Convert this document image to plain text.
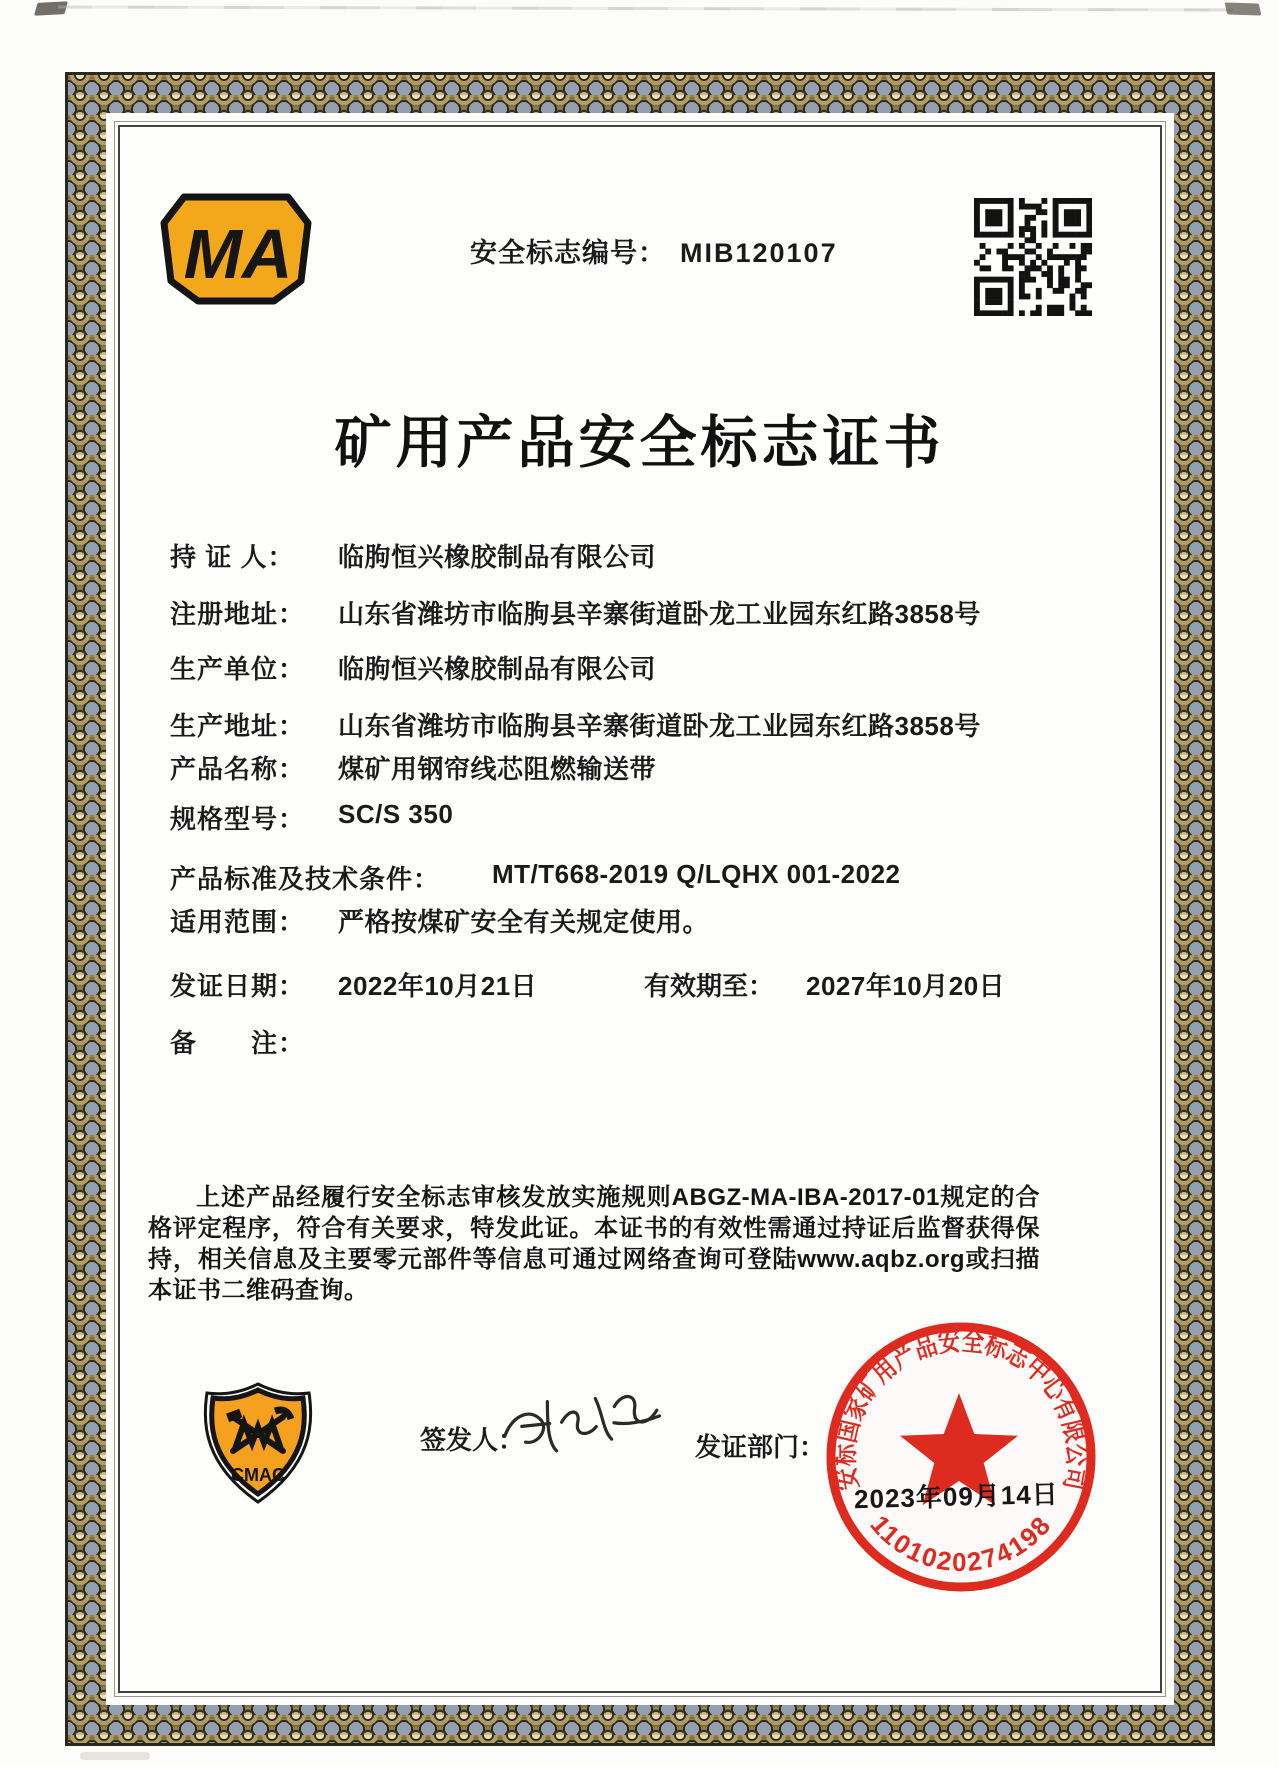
MA	安全标志编号： MIB120107
矿用产品安全标志证书
持 证 人： 临朐恒兴橡胶制品有限公司
注册地址： 山东省潍坊市临朐县辛寨街道卧龙工业园东红路3858号
生产单位： 临朐恒兴橡胶制品有限公司
生产地址： 山东省潍坊市临朐县辛寨街道卧龙工业园东红路3858号
产品名称： 煤矿用钢帘线芯阻燃输送带
规格型号： SC/S 350
产品标准及技术条件： MT/T668-2019 Q/LQHX 001-2022
适用范围： 严格按煤矿安全有关规定使用。
发证日期： 2022年10月21日	有效期至： 2027年10月20日
备　　注：
上述产品经履行安全标志审核发放实施规则ABGZ-MA-IBA-2017-01规定的合格评定程序，符合有关要求，特发此证。本证书的有效性需通过持证后监督获得保持，相关信息及主要零元部件等信息可通过网络查询可登陆www.aqbz.org或扫描本证书二维码查询。
CMAC
签发人：	发证部门：
安标国家矿用产品安全标志中心有限公司
1101020274198
2023年09月14日
